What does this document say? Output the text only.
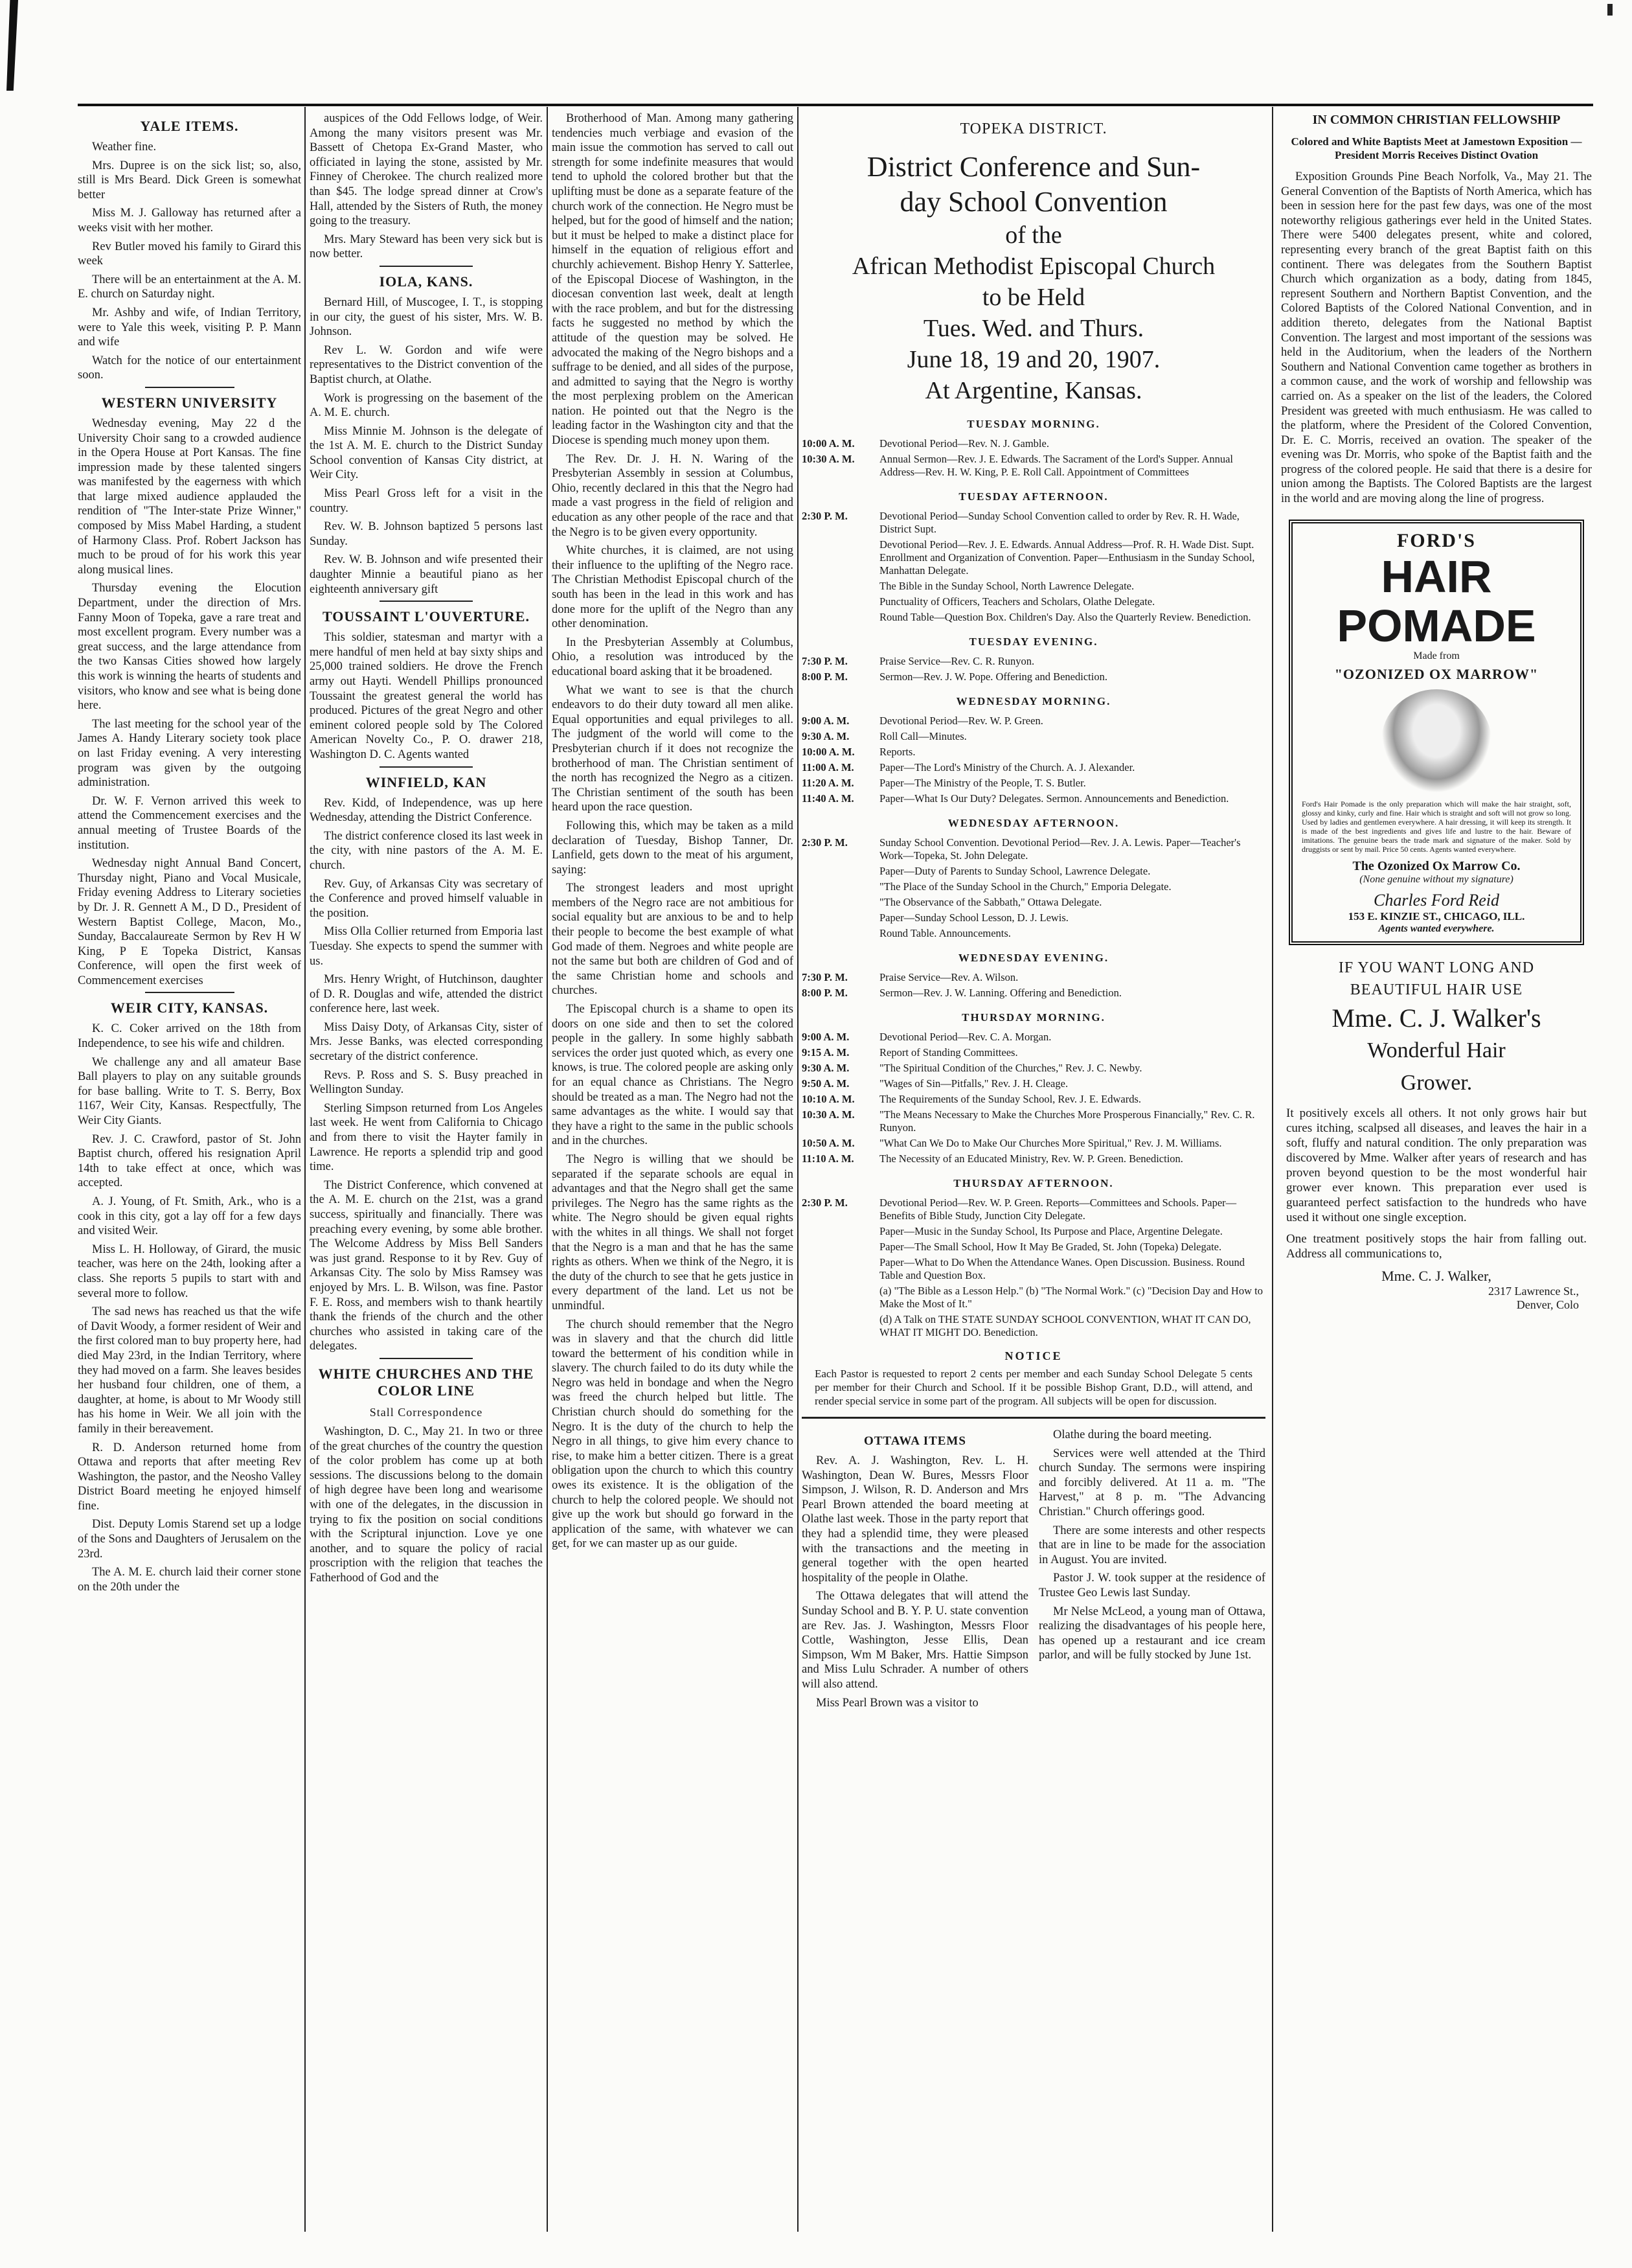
YALE ITEMS.

Weather fine.

Mrs. Dupree is on the sick list; so, also, still is Mrs Beard. Dick Green is somewhat better

Miss M. J. Galloway has returned after a weeks visit with her mother.

Rev Butler moved his family to Girard this week

There will be an entertainment at the A. M. E. church on Saturday night.

Mr. Ashby and wife, of Indian Territory, were to Yale this week, visiting P. P. Mann and wife

Watch for the notice of our entertainment soon.

WESTERN UNIVERSITY

Wednesday evening, May 22 d the University Choir sang to a crowded audience in the Opera House at Port Kansas. The fine impression made by these talented singers was manifested by the eagerness with which that large mixed audience applauded the rendition of "The Inter-state Prize Winner," composed by Miss Mabel Harding, a student of Harmony Class. Prof. Robert Jackson has much to be proud of for his work this year along musical lines.

Thursday evening the Elocution Department, under the direction of Mrs. Fanny Moon of Topeka, gave a rare treat and most excellent program. Every number was a great success, and the large attendance from the two Kansas Cities showed how largely this work is winning the hearts of students and visitors, who know and see what is being done here.

The last meeting for the school year of the James A. Handy Literary society took place on last Friday evening. A very interesting program was given by the outgoing administration.

Dr. W. F. Vernon arrived this week to attend the Commencement exercises and the annual meeting of Trustee Boards of the institution.

Wednesday night Annual Band Concert, Thursday night, Piano and Vocal Musicale, Friday evening Address to Literary societies by Dr. J. R. Gennett A M., D D., President of Western Baptist College, Macon, Mo., Sunday, Baccalaureate Sermon by Rev H W King, P E Topeka District, Kansas Conference, will open the first week of Commencement exercises

WEIR CITY, KANSAS.

K. C. Coker arrived on the 18th from Independence, to see his wife and children.

We challenge any and all amateur Base Ball players to play on any suitable grounds for base balling. Write to T. S. Berry, Box 1167, Weir City, Kansas. Respectfully, The Weir City Giants.

Rev. J. C. Crawford, pastor of St. John Baptist church, offered his resignation April 14th to take effect at once, which was accepted.

A. J. Young, of Ft. Smith, Ark., who is a cook in this city, got a lay off for a few days and visited Weir.

Miss L. H. Holloway, of Girard, the music teacher, was here on the 24th, looking after a class. She reports 5 pupils to start with and several more to follow.

The sad news has reached us that the wife of Davit Woody, a former resident of Weir and the first colored man to buy property here, had died May 23rd, in the Indian Territory, where they had moved on a farm. She leaves besides her husband four children, one of them, a daughter, at home, is about to Mr Woody still has his home in Weir. We all join with the family in their bereavement.

R. D. Anderson returned home from Ottawa and reports that after meeting Rev Washington, the pastor, and the Neosho Valley District Board meeting he enjoyed himself fine.

Dist. Deputy Lomis Starend set up a lodge of the Sons and Daughters of Jerusalem on the 23rd.

The A. M. E. church laid their corner stone on the 20th under the

auspices of the Odd Fellows lodge, of Weir. Among the many visitors present was Mr. Bassett of Chetopa Ex-Grand Master, who officiated in laying the stone, assisted by Mr. Finney of Cherokee. The church realized more than $45. The lodge spread dinner at Crow's Hall, attended by the Sisters of Ruth, the money going to the treasury.

Mrs. Mary Steward has been very sick but is now better.

IOLA, KANS.

Bernard Hill, of Muscogee, I. T., is stopping in our city, the guest of his sister, Mrs. W. B. Johnson.

Rev L. W. Gordon and wife were representatives to the District convention of the Baptist church, at Olathe.

Work is progressing on the basement of the A. M. E. church.

Miss Minnie M. Johnson is the delegate of the 1st A. M. E. church to the District Sunday School convention of Kansas City district, at Weir City.

Miss Pearl Gross left for a visit in the country.

Rev. W. B. Johnson baptized 5 persons last Sunday.

Rev. W. B. Johnson and wife presented their daughter Minnie a beautiful piano as her eighteenth anniversary gift

TOUSSAINT L'OUVERTURE.

This soldier, statesman and martyr with a mere handful of men held at bay sixty ships and 25,000 trained soldiers. He drove the French army out Hayti. Wendell Phillips pronounced Toussaint the greatest general the world has produced. Pictures of the great Negro and other eminent colored people sold by The Colored American Novelty Co., P. O. drawer 218, Washington D. C. Agents wanted

WINFIELD, KAN

Rev. Kidd, of Independence, was up here Wednesday, attending the District Conference.

The district conference closed its last week in the city, with nine pastors of the A. M. E. church.

Rev. Guy, of Arkansas City was secretary of the Conference and proved himself valuable in the position.

Miss Olla Collier returned from Emporia last Tuesday. She expects to spend the summer with us.

Mrs. Henry Wright, of Hutchinson, daughter of D. R. Douglas and wife, attended the district conference here, last week.

Miss Daisy Doty, of Arkansas City, sister of Mrs. Jesse Banks, was elected corresponding secretary of the district conference.

Revs. P. Ross and S. S. Busy preached in Wellington Sunday.

Sterling Simpson returned from Los Angeles last week. He went from California to Chicago and from there to visit the Hayter family in Lawrence. He reports a splendid trip and good time.

The District Conference, which convened at the A. M. E. church on the 21st, was a grand success, spiritually and financially. There was preaching every evening, by some able brother. The Welcome Address by Miss Bell Sanders was just grand. Response to it by Rev. Guy of Arkansas City. The solo by Miss Ramsey was enjoyed by Mrs. L. B. Wilson, was fine. Pastor F. E. Ross, and members wish to thank heartily thank the friends of the church and the other churches who assisted in taking care of the delegates.

WHITE CHURCHES AND THE COLOR LINE
Stall Correspondence

Washington, D. C., May 21. In two or three of the great churches of the country the question of the color problem has come up at both sessions. The discussions belong to the domain of high degree have been long and wearisome with one of the delegates, in the discussion in trying to fix the position on social conditions with the Scriptural injunction. Love ye one another, and to square the policy of racial proscription with the religion that teaches the Fatherhood of God and the

Brotherhood of Man. Among many gathering tendencies much verbiage and evasion of the main issue the commotion has served to call out strength for some indefinite measures that would tend to uphold the colored brother but that the uplifting must be done as a separate feature of the church work of the connection. He Negro must be helped, but for the good of himself and the nation; but it must be helped to make a distinct place for himself in the equation of religious effort and churchly achievement. Bishop Henry Y. Satterlee, of the Episcopal Diocese of Washington, in the diocesan convention last week, dealt at length with the race problem, and but for the distressing facts he suggested no method by which the attitude of the question may be solved. He advocated the making of the Negro bishops and a suffrage to be denied, and all sides of the purpose, and admitted to saying that the Negro is worthy the most perplexing problem on the American nation. He pointed out that the Negro is the leading factor in the Washington city and that the Diocese is spending much money upon them.

The Rev. Dr. J. H. N. Waring of the Presbyterian Assembly in session at Columbus, Ohio, recently declared in this that the Negro had made a vast progress in the field of religion and education as any other people of the race and that the Negro is to be given every opportunity.

White churches, it is claimed, are not using their influence to the uplifting of the Negro race. The Christian Methodist Episcopal church of the south has been in the lead in this work and has done more for the uplift of the Negro than any other denomination.

In the Presbyterian Assembly at Columbus, Ohio, a resolution was introduced by the educational board asking that it be broadened.

What we want to see is that the church endeavors to do their duty toward all men alike. Equal opportunities and equal privileges to all. The judgment of the world will come to the Presbyterian church if it does not recognize the brotherhood of man. The Christian sentiment of the north has recognized the Negro as a citizen. The Christian sentiment of the south has been heard upon the race question.

Following this, which may be taken as a mild declaration of Tuesday, Bishop Tanner, Dr. Lanfield, gets down to the meat of his argument, saying:

The strongest leaders and most upright members of the Negro race are not ambitious for social equality but are anxious to be and to help their people to become the best example of what God made of them. Negroes and white people are not the same but both are children of God and of the same Christian home and schools and churches.

The Episcopal church is a shame to open its doors on one side and then to set the colored people in the gallery. In some highly sabbath services the order just quoted which, as every one knows, is true. The colored people are asking only for an equal chance as Christians. The Negro should be treated as a man. The Negro had not the same advantages as the white. I would say that they have a right to the same in the public schools and in the churches.

The Negro is willing that we should be separated if the separate schools are equal in advantages and that the Negro shall get the same privileges. The Negro has the same rights as the white. The Negro should be given equal rights with the whites in all things. We shall not forget that the Negro is a man and that he has the same rights as others. When we think of the Negro, it is the duty of the church to see that he gets justice in every department of the land. Let us not be unmindful.

The church should remember that the Negro was in slavery and that the church did little toward the betterment of his condition while in slavery. The church failed to do its duty while the Negro was held in bondage and when the Negro was freed the church helped but little. The Christian church should do something for the Negro. It is the duty of the church to help the Negro in all things, to give him every chance to rise, to make him a better citizen. There is a great obligation upon the church to which this country owes its existence. It is the obligation of the church to help the colored people. We should not give up the work but should go forward in the application of the same, with whatever we can get, for we can master up as our guide.

TOPEKA DISTRICT.
District Conference and Sun-
day School Convention
of the
African Methodist Episcopal Church
to be Held
Tues. Wed. and Thurs.
June 18, 19 and 20, 1907.
At Argentine, Kansas.
TUESDAY MORNING.
10:00 A. M.	Devotional Period—Rev. N. J. Gamble.
10:30 A. M.	Annual Sermon—Rev. J. E. Edwards. The Sacrament of the Lord's Supper. Annual Address—Rev. H. W. King, P. E. Roll Call. Appointment of Committees
TUESDAY AFTERNOON.
2:30 P. M.	Devotional Period—Sunday School Convention called to order by Rev. R. H. Wade, District Supt.
Devotional Period—Rev. J. E. Edwards. Annual Address—Prof. R. H. Wade Dist. Supt. Enrollment and Organization of Convention. Paper—Enthusiasm in the Sunday School, Manhattan Delegate.
The Bible in the Sunday School, North Lawrence Delegate.
Punctuality of Officers, Teachers and Scholars, Olathe Delegate.
Round Table—Question Box. Children's Day. Also the Quarterly Review. Benediction.
TUESDAY EVENING.
7:30 P. M.	Praise Service—Rev. C. R. Runyon.
8:00 P. M.	Sermon—Rev. J. W. Pope. Offering and Benediction.
WEDNESDAY MORNING.
9:00 A. M.	Devotional Period—Rev. W. P. Green.
9:30 A. M.	Roll Call—Minutes.
10:00 A. M.	Reports.
11:00 A. M.	Paper—The Lord's Ministry of the Church. A. J. Alexander.
11:20 A. M.	Paper—The Ministry of the People, T. S. Butler.
11:40 A. M.	Paper—What Is Our Duty? Delegates. Sermon. Announcements and Benediction.
WEDNESDAY AFTERNOON.
2:30 P. M.	Sunday School Convention. Devotional Period—Rev. J. A. Lewis. Paper—Teacher's Work—Topeka, St. John Delegate.
Paper—Duty of Parents to Sunday School, Lawrence Delegate.
"The Place of the Sunday School in the Church," Emporia Delegate.
"The Observance of the Sabbath," Ottawa Delegate.
Paper—Sunday School Lesson, D. J. Lewis.
Round Table. Announcements.
WEDNESDAY EVENING.
7:30 P. M.	Praise Service—Rev. A. Wilson.
8:00 P. M.	Sermon—Rev. J. W. Lanning. Offering and Benediction.
THURSDAY MORNING.
9:00 A. M.	Devotional Period—Rev. C. A. Morgan.
9:15 A. M.	Report of Standing Committees.
9:30 A. M.	"The Spiritual Condition of the Churches," Rev. J. C. Newby.
9:50 A. M.	"Wages of Sin—Pitfalls," Rev. J. H. Cleage.
10:10 A. M.	The Requirements of the Sunday School, Rev. J. E. Edwards.
10:30 A. M.	"The Means Necessary to Make the Churches More Prosperous Financially," Rev. C. R. Runyon.
10:50 A. M.	"What Can We Do to Make Our Churches More Spiritual," Rev. J. M. Williams.
11:10 A. M.	The Necessity of an Educated Ministry, Rev. W. P. Green. Benediction.
THURSDAY AFTERNOON.
2:30 P. M.	Devotional Period—Rev. W. P. Green. Reports—Committees and Schools. Paper—Benefits of Bible Study, Junction City Delegate.
Paper—Music in the Sunday School, Its Purpose and Place, Argentine Delegate.
Paper—The Small School, How It May Be Graded, St. John (Topeka) Delegate.
Paper—What to Do When the Attendance Wanes. Open Discussion. Business. Round Table and Question Box.
(a) "The Bible as a Lesson Help." (b) "The Normal Work." (c) "Decision Day and How to Make the Most of It."
(d) A Talk on THE STATE SUNDAY SCHOOL CONVENTION, WHAT IT CAN DO, WHAT IT MIGHT DO. Benediction.
NOTICE
Each Pastor is requested to report 2 cents per member and each Sunday School Delegate 5 cents per member for their Church and School. If it be possible Bishop Grant, D.D., will attend, and render special service in some part of the program. All subjects will be open for discussion.
OTTAWA ITEMS

Rev. A. J. Washington, Rev. L. H. Washington, Dean W. Bures, Messrs Floor Simpson, J. Wilson, R. D. Anderson and Mrs Pearl Brown attended the board meeting at Olathe last week. Those in the party report that they had a splendid time, they were pleased with the transactions and the meeting in general together with the open hearted hospitality of the people in Olathe.

The Ottawa delegates that will attend the Sunday School and B. Y. P. U. state convention are Rev. Jas. J. Washington, Messrs Floor Cottle, Washington, Jesse Ellis, Dean Simpson, Wm M Baker, Mrs. Hattie Simpson and Miss Lulu Schrader. A number of others will also attend.

Miss Pearl Brown was a visitor to

Olathe during the board meeting.

Services were well attended at the Third church Sunday. The sermons were inspiring and forcibly delivered. At 11 a. m. "The Harvest," at 8 p. m. "The Advancing Christian." Church offerings good.

There are some interests and other respects that are in line to be made for the association in August. You are invited.

Pastor J. W. took supper at the residence of Trustee Geo Lewis last Sunday.

Mr Nelse McLeod, a young man of Ottawa, realizing the disadvantages of his people here, has opened up a restaurant and ice cream parlor, and will be fully stocked by June 1st.

IN COMMON CHRISTIAN FELLOWSHIP
Colored and White Baptists Meet at Jamestown Exposition — President Morris Receives Distinct Ovation

Exposition Grounds Pine Beach Norfolk, Va., May 21. The General Convention of the Baptists of North America, which has been in session here for the past few days, was one of the most noteworthy religious gatherings ever held in the United States. There were 5400 delegates present, white and colored, representing every branch of the great Baptist faith on this continent. There was delegates from the Southern Baptist Church which organization as a body, dating from 1845, represent Southern and Northern Baptist Convention, and the Colored Baptists of the Colored National Convention, and in addition thereto, delegates from the National Baptist Convention. The largest and most important of the sessions was held in the Auditorium, when the leaders of the Northern Southern and National Convention came together as brothers in a common cause, and the work of worship and fellowship was carried on. As a speaker on the list of the leaders, the Colored President was greeted with much enthusiasm. He was called to the platform, where the President of the Colored Convention, Dr. E. C. Morris, received an ovation. The speaker of the evening was Dr. Morris, who spoke of the Baptist faith and the progress of the colored people. He said that there is a desire for union among the Baptists. The Colored Baptists are the largest in the world and are moving along the line of progress.

FORD'S
HAIR POMADE
Made from
"OZONIZED OX MARROW"
Ford's Hair Pomade is the only preparation which will make the hair straight, soft, glossy and kinky, curly and fine. Hair which is straight and soft will not grow so long. Used by ladies and gentlemen everywhere. A hair dressing, it will keep its strength. It is made of the best ingredients and gives life and lustre to the hair. Beware of imitations. The genuine bears the trade mark and signature of the maker. Sold by druggists or sent by mail. Price 50 cents. Agents wanted everywhere.
The Ozonized Ox Marrow Co.
(None genuine without my signature)
Charles Ford Reid
153 E. KINZIE ST., CHICAGO, ILL.
Agents wanted everywhere.
IF YOU WANT LONG AND
BEAUTIFUL HAIR USE
Mme. C. J. Walker's
Wonderful Hair
Grower.
It positively excels all others. It not only grows hair but cures itching, scalpsed all diseases, and leaves the hair in a soft, fluffy and natural condition. The only preparation was discovered by Mme. Walker after years of research and has proven beyond question to be the most wonderful hair grower ever known. This preparation ever used is guaranteed perfect satisfaction to the hundreds who have used it without one single exception.
One treatment positively stops the hair from falling out. Address all communications to,
Mme. C. J. Walker,
2317 Lawrence St.,
Denver, Colo
